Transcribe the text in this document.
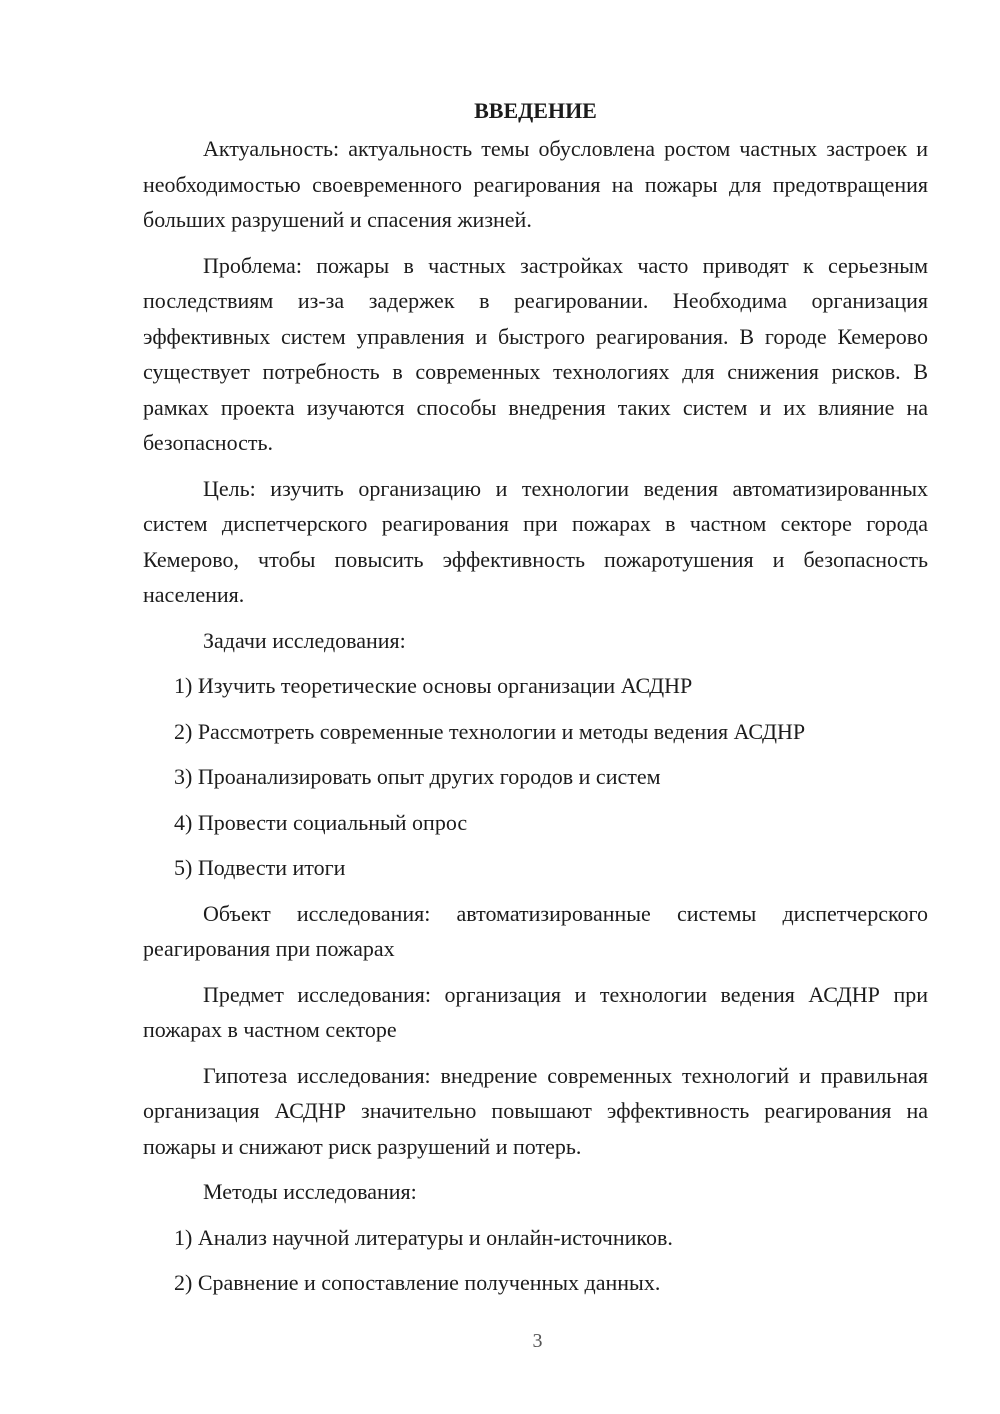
ВВЕДЕНИЕ

Актуальность: актуальность темы обусловлена ростом частных застроек и необходимостью своевременного реагирования на пожары для предотвращения больших разрушений и спасения жизней.

Проблема: пожары в частных застройках часто приводят к серьезным последствиям из-за задержек в реагировании. Необходима организация эффективных систем управления и быстрого реагирования. В городе Кемерово существует потребность в современных технологиях для снижения рисков. В рамках проекта изучаются способы внедрения таких систем и их влияние на безопасность.

Цель: изучить организацию и технологии ведения автоматизированных систем диспетчерского реагирования при пожарах в частном секторе города Кемерово, чтобы повысить эффективность пожаротушения и безопасность населения.

Задачи исследования:

1) Изучить теоретические основы организации АСДНР
2) Рассмотреть современные технологии и методы ведения АСДНР
3) Проанализировать опыт других городов и систем
4) Провести социальный опрос
5) Подвести итоги

Объект исследования: автоматизированные системы диспетчерского реагирования при пожарах

Предмет исследования: организация и технологии ведения АСДНР при пожарах в частном секторе

Гипотеза исследования: внедрение современных технологий и правильная организация АСДНР значительно повышают эффективность реагирования на пожары и снижают риск разрушений и потерь.

Методы исследования:

1) Анализ научной литературы и онлайн-источников.
2) Сравнение и сопоставление полученных данных.
3
